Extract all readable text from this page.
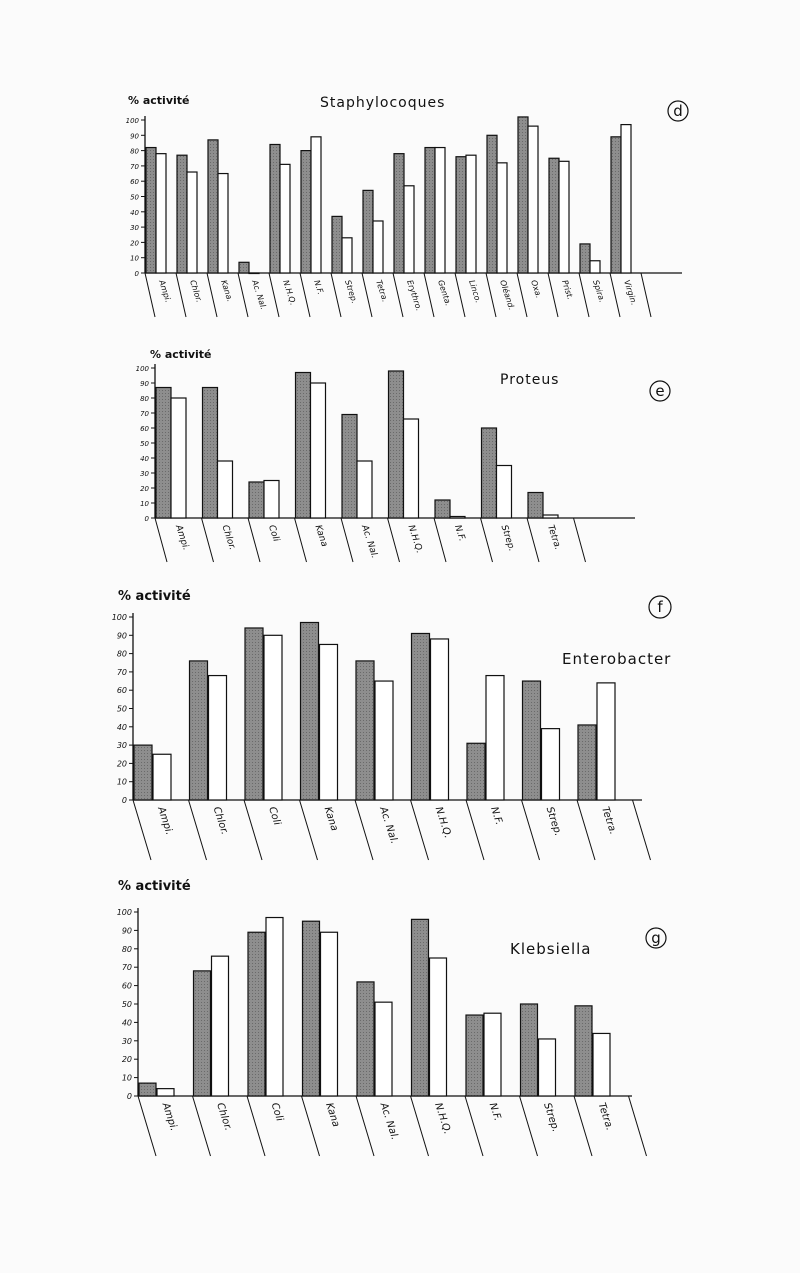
% activité	Staphylocoques	d
0
10
20
30
40
50
60
70
80
90
100
Ampi. Chlor. Kana. Ac. Nal. N.H.Q. N.F. Strep. Tetra. Erythro. Genta. Linco. Oléand. Oxa. Prist. Spira. Virgin.
% activité
Proteus
e
0
10
20
30
40
50
60
70
80
90
100
Ampi.	Chlor.	Coli	Kana	Ac. Nal.	N.H.Q.	N.F.	Strep.	Tetra.
% activité
Enterobacter
f
0
10
20
30
40
50
60
70
80
90
100
Ampi.	Chlor.	Coli	Kana	Ac. Nal.	N.H.Q.	N.F.	Strep.	Tetra.
% activité
Klebsiella
g
0
10
20
30
40
50
60
70
80
90
100
Ampi.	Chlor.	Coli	Kana	Ac. Nal.	N.H.Q.	N.F.	Strep.	Tetra.
